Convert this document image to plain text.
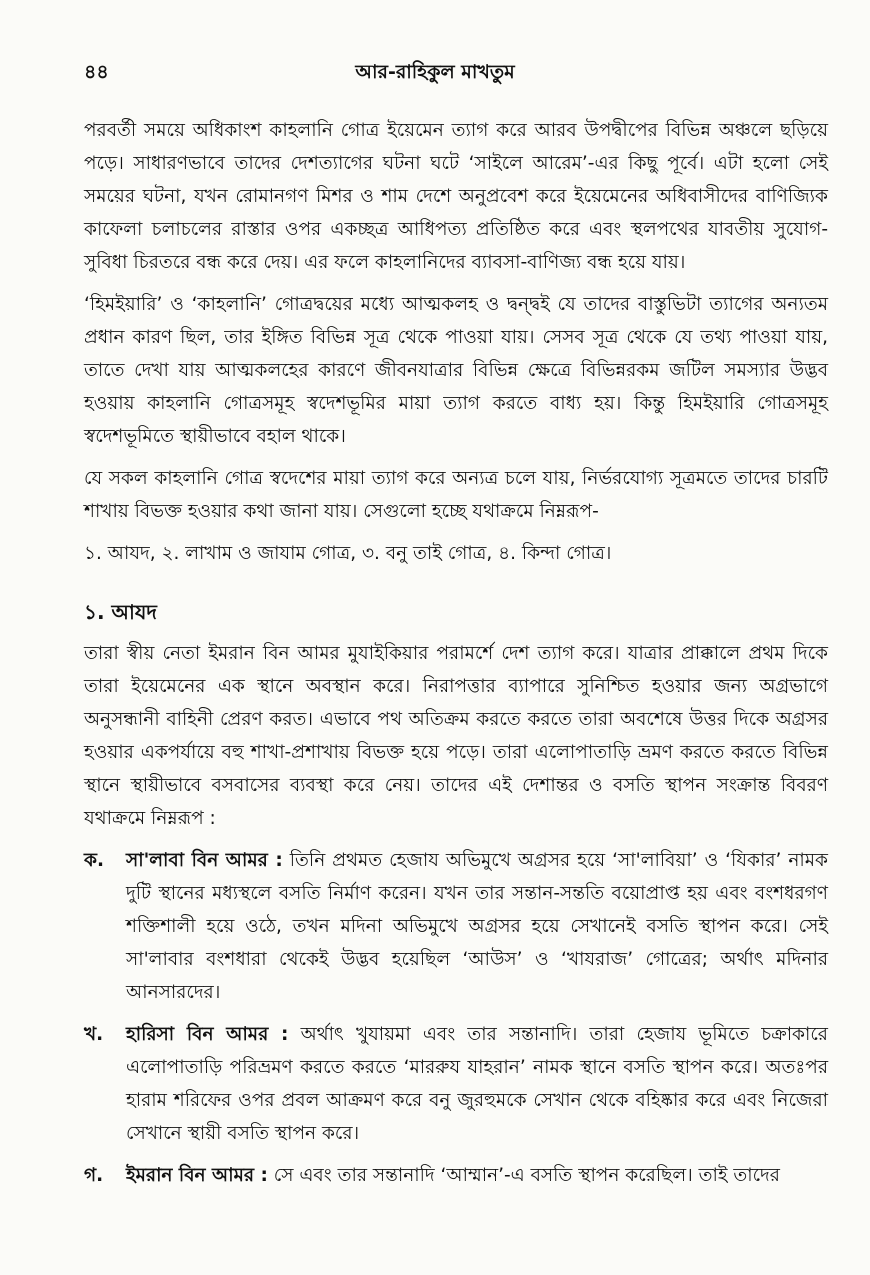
৪৪	আর-রাহিকুল মাখতুম

পরবর্তী সময়ে অধিকাংশ কাহলানি গোত্র ইয়েমেন ত্যাগ করে আরব উপদ্বীপের বিভিন্ন অঞ্চলে ছড়িয়ে পড়ে। সাধারণভাবে তাদের দেশত্যাগের ঘটনা ঘটে ‘সাইলে আরেম’-এর কিছু পূর্বে। এটা হলো সেই সময়ের ঘটনা, যখন রোমানগণ মিশর ও শাম দেশে অনুপ্রবেশ করে ইয়েমেনের অধিবাসীদের বাণিজ্যিক কাফেলা চলাচলের রাস্তার ওপর একচ্ছত্র আধিপত্য প্রতিষ্ঠিত করে এবং স্থলপথের যাবতীয় সুযোগ-সুবিধা চিরতরে বন্ধ করে দেয়। এর ফলে কাহলানিদের ব্যাবসা-বাণিজ্য বন্ধ হয়ে যায়।

‘হিমইয়ারি’ ও ‘কাহলানি’ গোত্রদ্বয়ের মধ্যে আত্মকলহ ও দ্বন্দ্বই যে তাদের বাস্তুভিটা ত্যাগের অন্যতম প্রধান কারণ ছিল, তার ইঙ্গিত বিভিন্ন সূত্র থেকে পাওয়া যায়। সেসব সূত্র থেকে যে তথ্য পাওয়া যায়, তাতে দেখা যায় আত্মকলহের কারণে জীবনযাত্রার বিভিন্ন ক্ষেত্রে বিভিন্নরকম জটিল সমস্যার উদ্ভব হওয়ায় কাহলানি গোত্রসমূহ স্বদেশভূমির মায়া ত্যাগ করতে বাধ্য হয়। কিন্তু হিমইয়ারি গোত্রসমূহ স্বদেশভূমিতে স্থায়ীভাবে বহাল থাকে।

যে সকল কাহলানি গোত্র স্বদেশের মায়া ত্যাগ করে অন্যত্র চলে যায়, নির্ভরযোগ্য সূত্রমতে তাদের চারটি শাখায় বিভক্ত হওয়ার কথা জানা যায়। সেগুলো হচ্ছে যথাক্রমে নিম্নরূপ-

১. আযদ, ২. লাখাম ও জাযাম গোত্র, ৩. বনু তাই গোত্র, ৪. কিন্দা গোত্র।

১. আযদ

তারা স্বীয় নেতা ইমরান বিন আমর মুযাইকিয়ার পরামর্শে দেশ ত্যাগ করে। যাত্রার প্রাক্কালে প্রথম দিকে তারা ইয়েমেনের এক স্থানে অবস্থান করে। নিরাপত্তার ব্যাপারে সুনিশ্চিত হওয়ার জন্য অগ্রভাগে অনুসন্ধানী বাহিনী প্রেরণ করত। এভাবে পথ অতিক্রম করতে করতে তারা অবশেষে উত্তর দিকে অগ্রসর হওয়ার একপর্যায়ে বহু শাখা-প্রশাখায় বিভক্ত হয়ে পড়ে। তারা এলোপাতাড়ি ভ্রমণ করতে করতে বিভিন্ন স্থানে স্থায়ীভাবে বসবাসের ব্যবস্থা করে নেয়। তাদের এই দেশান্তর ও বসতি স্থাপন সংক্রান্ত বিবরণ যথাক্রমে নিম্নরূপ :

ক.	সা'লাবা বিন আমর : তিনি প্রথমত হেজায অভিমুখে অগ্রসর হয়ে ‘সা'লাবিয়া’ ও ‘যিকার’ নামক দুটি স্থানের মধ্যস্থলে বসতি নির্মাণ করেন। যখন তার সন্তান-সন্ততি বয়োপ্রাপ্ত হয় এবং বংশধরগণ শক্তিশালী হয়ে ওঠে, তখন মদিনা অভিমুখে অগ্রসর হয়ে সেখানেই বসতি স্থাপন করে। সেই সা'লাবার বংশধারা থেকেই উদ্ভব হয়েছিল ‘আউস’ ও ‘খাযরাজ’ গোত্রের; অর্থাৎ মদিনার আনসারদের।
খ.	হারিসা বিন আমর : অর্থাৎ খুযায়মা এবং তার সন্তানাদি। তারা হেজায ভূমিতে চক্রাকারে এলোপাতাড়ি পরিভ্রমণ করতে করতে ‘মাররুয যাহরান’ নামক স্থানে বসতি স্থাপন করে। অতঃপর হারাম শরিফের ওপর প্রবল আক্রমণ করে বনু জুরহুমকে সেখান থেকে বহিষ্কার করে এবং নিজেরা সেখানে স্থায়ী বসতি স্থাপন করে।
গ.	ইমরান বিন আমর : সে এবং তার সন্তানাদি ‘আম্মান’-এ বসতি স্থাপন করেছিল। তাই তাদের
